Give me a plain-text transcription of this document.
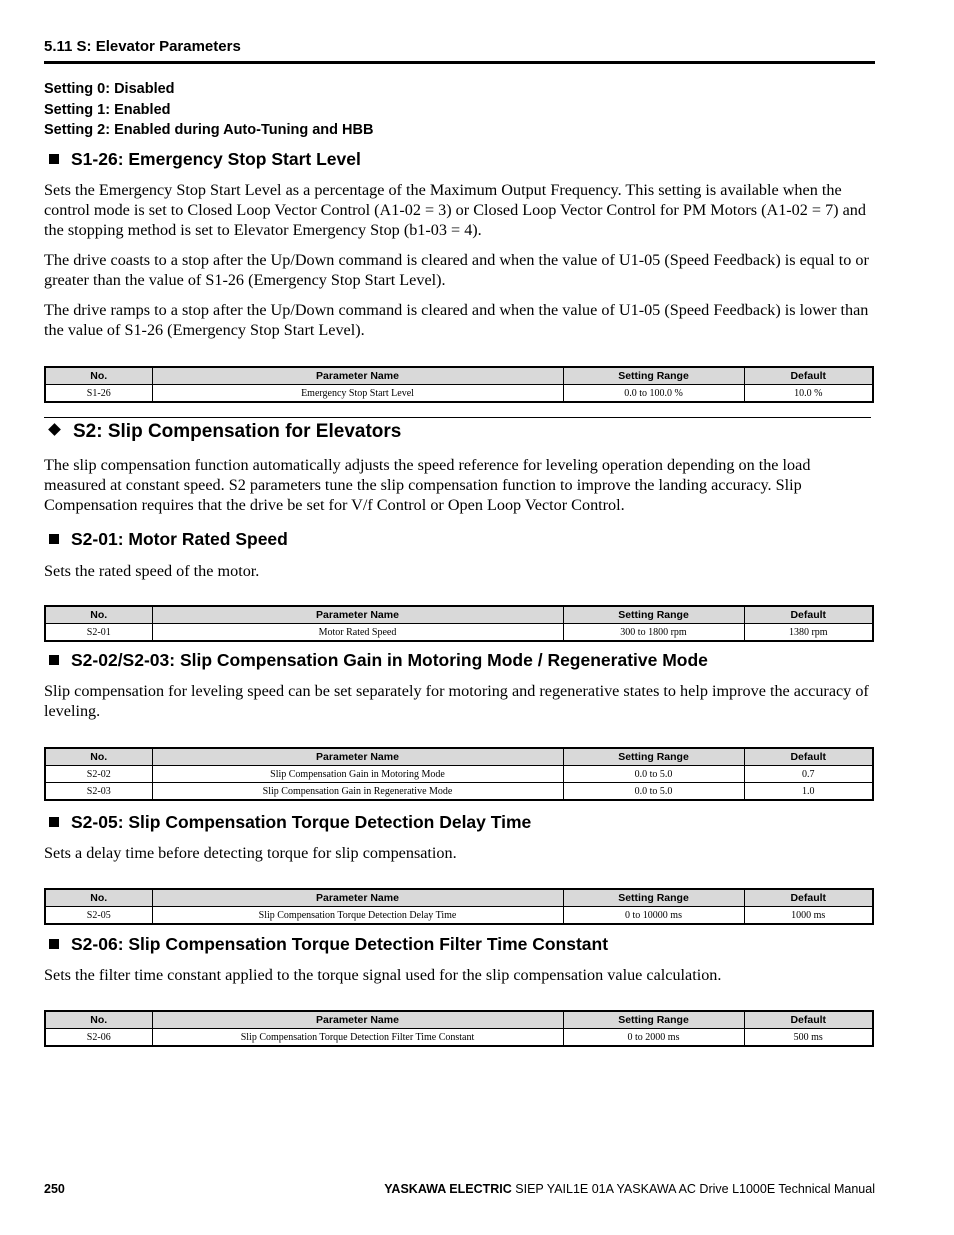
5.11 S: Elevator Parameters
Setting 0: Disabled
Setting 1: Enabled
Setting 2: Enabled during Auto-Tuning and HBB
S1-26: Emergency Stop Start Level

Sets the Emergency Stop Start Level as a percentage of the Maximum Output Frequency. This setting is available when the control mode is set to Closed Loop Vector Control (A1-02 = 3) or Closed Loop Vector Control for PM Motors (A1-02 = 7) and the stopping method is set to Elevator Emergency Stop (b1-03 = 4).

The drive coasts to a stop after the Up/Down command is cleared and when the value of U1-05 (Speed Feedback) is equal to or greater than the value of S1-26 (Emergency Stop Start Level).

The drive ramps to a stop after the Up/Down command is cleared and when the value of U1-05 (Speed Feedback) is lower than the value of S1-26 (Emergency Stop Start Level).

No.	Parameter Name	Setting Range	Default
S1-26	Emergency Stop Start Level	0.0 to 100.0 %	10.0 %
S2: Slip Compensation for Elevators

The slip compensation function automatically adjusts the speed reference for leveling operation depending on the load measured at constant speed. S2 parameters tune the slip compensation function to improve the landing accuracy. Slip Compensation requires that the drive be set for V/f Control or Open Loop Vector Control.

S2-01: Motor Rated Speed

Sets the rated speed of the motor.

No.	Parameter Name	Setting Range	Default
S2-01	Motor Rated Speed	300 to 1800 rpm	1380 rpm
S2-02/S2-03: Slip Compensation Gain in Motoring Mode / Regenerative Mode

Slip compensation for leveling speed can be set separately for motoring and regenerative states to help improve the accuracy of leveling.

No.	Parameter Name	Setting Range	Default
S2-02	Slip Compensation Gain in Motoring Mode	0.0 to 5.0	0.7
S2-03	Slip Compensation Gain in Regenerative Mode	0.0 to 5.0	1.0
S2-05: Slip Compensation Torque Detection Delay Time

Sets a delay time before detecting torque for slip compensation.

No.	Parameter Name	Setting Range	Default
S2-05	Slip Compensation Torque Detection Delay Time	0 to 10000 ms	1000 ms
S2-06: Slip Compensation Torque Detection Filter Time Constant

Sets the filter time constant applied to the torque signal used for the slip compensation value calculation.

No.	Parameter Name	Setting Range	Default
S2-06	Slip Compensation Torque Detection Filter Time Constant	0 to 2000 ms	500 ms
250	YASKAWA ELECTRIC SIEP YAIL1E 01A YASKAWA AC Drive L1000E Technical Manual
